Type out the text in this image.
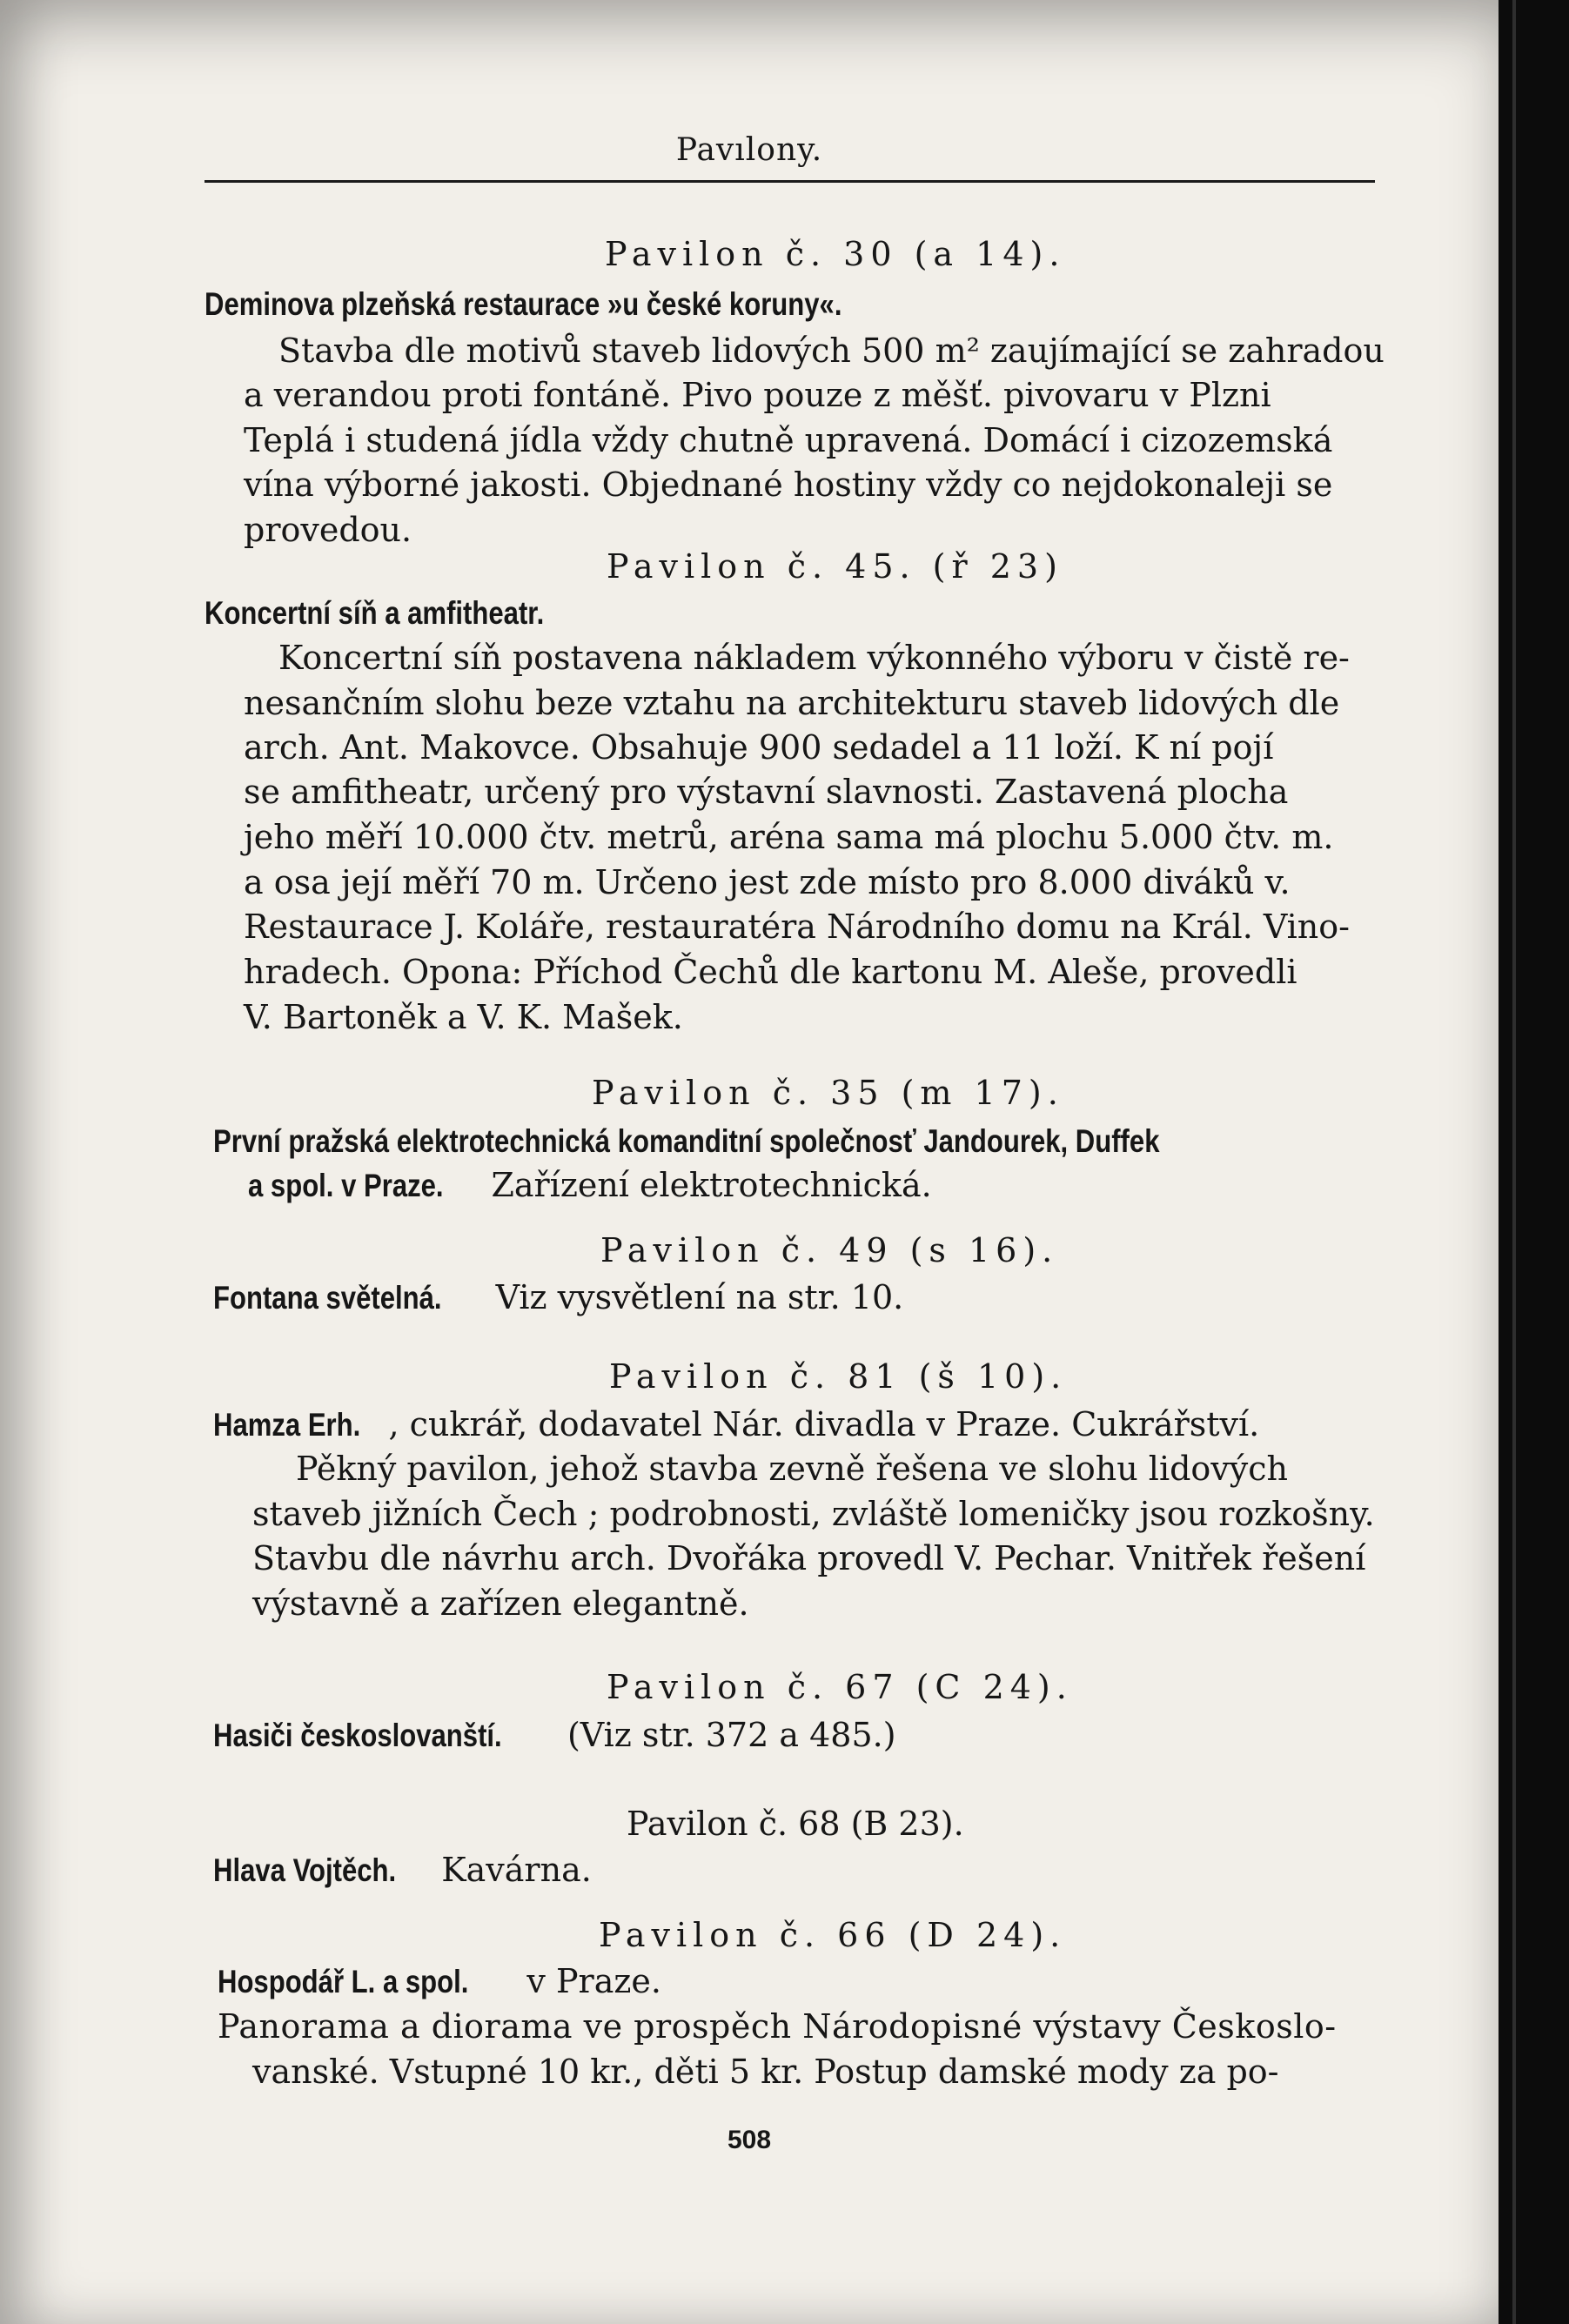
Pavılony.
Pavilon č. 30 (a 14).
Deminova plzeňská restaurace »u české koruny«.
Stavba dle motivů staveb lidových 500 m² zaujímající se zahradou
a verandou proti fontáně. Pivo pouze z měšť. pivovaru v Plzni
Teplá i studená jídla vždy chutně upravená. Domácí i cizozemská
vína výborné jakosti. Objednané hostiny vždy co nejdokonaleji se
provedou.
Pavilon č. 45. (ř 23)
Koncertní síň a amfitheatr.
Koncertní síň postavena nákladem výkonného výboru v čistě re-
nesančním slohu beze vztahu na architekturu staveb lidových dle
arch. Ant. Makovce. Obsahuje 900 sedadel a 11 loží. K ní pojí
se amfitheatr, určený pro výstavní slavnosti. Zastavená plocha
jeho měří 10.000 čtv. metrů, aréna sama má plochu 5.000 čtv. m.
a osa její měří 70 m. Určeno jest zde místo pro 8.000 diváků v.
Restaurace J. Koláře, restauratéra Národního domu na Král. Vino-
hradech. Opona: Příchod Čechů dle kartonu M. Aleše, provedli
V. Bartoněk a V. K. Mašek.
Pavilon č. 35 (m 17).
První pražská elektrotechnická komanditní společnosť Jandourek, Duffek
a spol. v Praze. Zařízení elektrotechnická.
Pavilon č. 49 (s 16).
Fontana světelná. Viz vysvětlení na str. 10.
Pavilon č. 81 (š 10).
Hamza Erh. , cukrář, dodavatel Nár. divadla v Praze. Cukrářství.
Pěkný pavilon, jehož stavba zevně řešena ve slohu lidových
staveb jižních Čech ; podrobnosti, zvláště lomeničky jsou rozkošny.
Stavbu dle návrhu arch. Dvořáka provedl V. Pechar. Vnitřek řešení
výstavně a zařízen elegantně.
Pavilon č. 67 (C 24).
Hasiči českoslovanští. (Viz str. 372 a 485.)
Pavilon č. 68 (B 23).
Hlava Vojtěch. Kavárna.
Pavilon č. 66 (D 24).
Hospodář L. a spol. v Praze.
Panorama a diorama ve prospěch Národopisné výstavy Českoslo-
vanské. Vstupné 10 kr., děti 5 kr. Postup damské mody za po-
508
